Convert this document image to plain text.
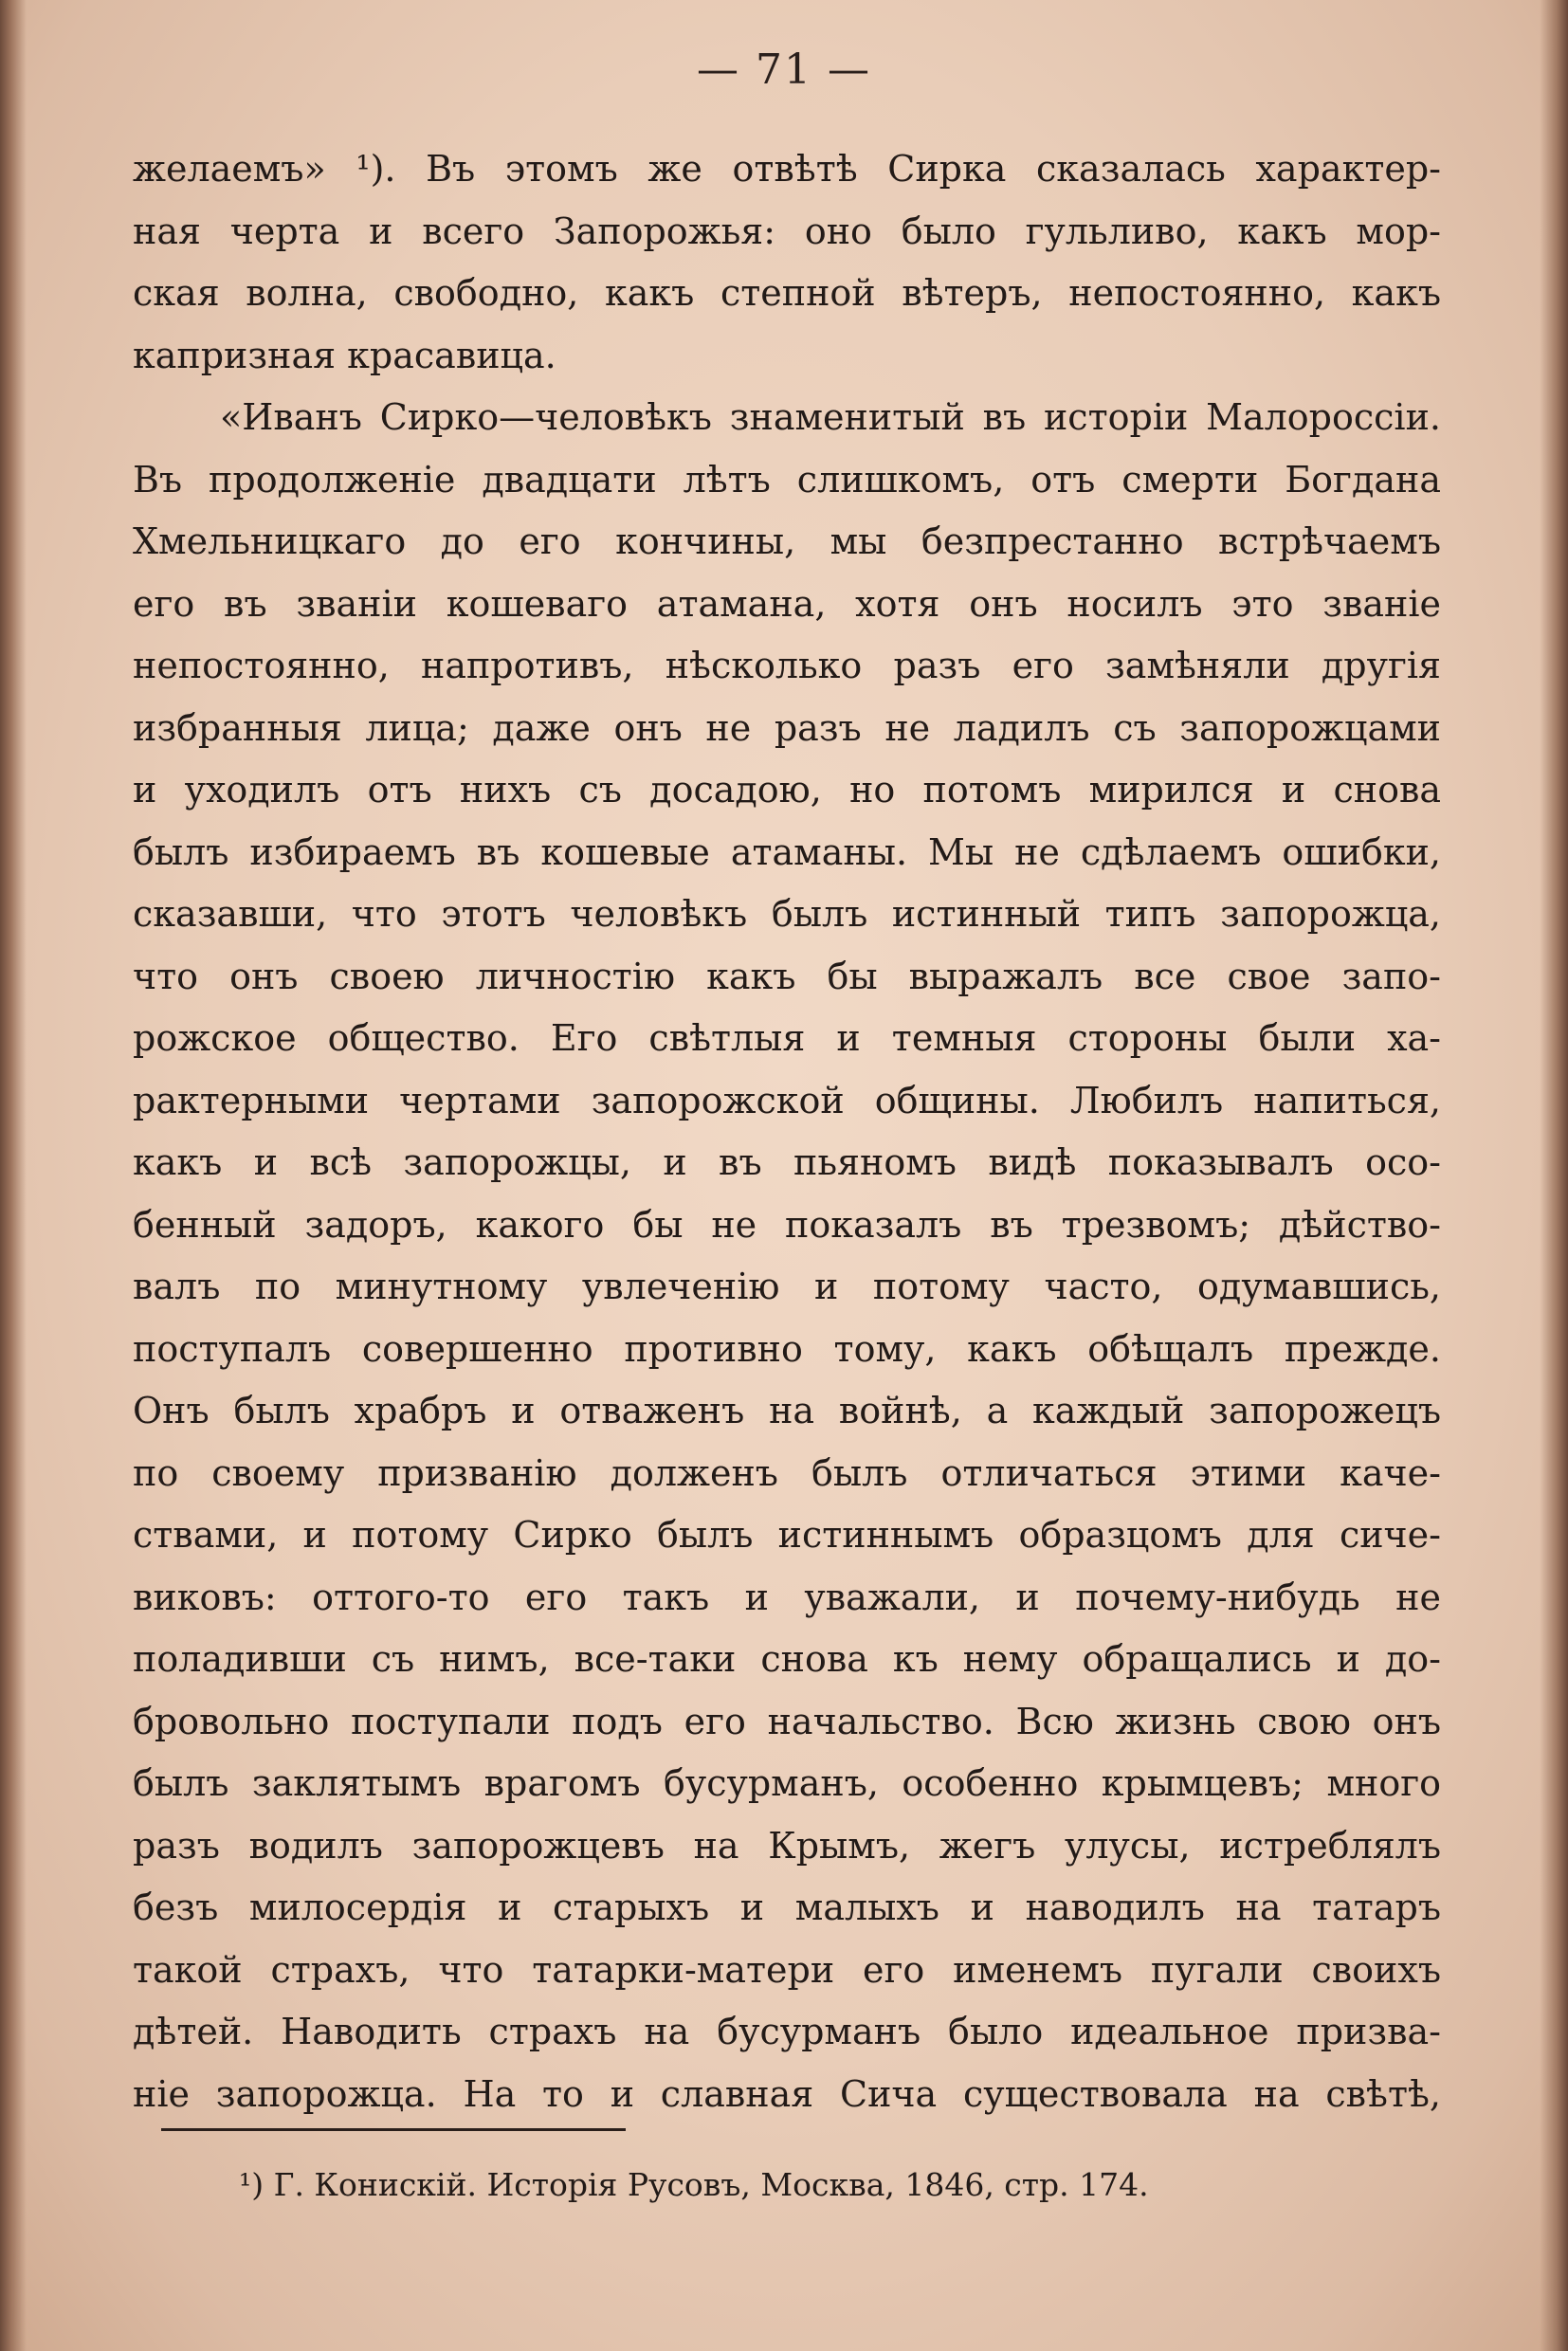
— 71 —
желаемъ» ¹). Въ этомъ же отвѣтѣ Сирка сказалась характер-
ная черта и всего Запорожья: оно было гульливо, какъ мор-
ская волна, свободно, какъ степной вѣтеръ, непостоянно, какъ
капризная красавица.
«Иванъ Сирко—человѣкъ знаменитый въ исторіи Малороссіи.
Въ продолженіе двадцати лѣтъ слишкомъ, отъ смерти Богдана
Хмельницкаго до его кончины, мы безпрестанно встрѣчаемъ
его въ званіи кошеваго атамана, хотя онъ носилъ это званіе
непостоянно, напротивъ, нѣсколько разъ его замѣняли другія
избранныя лица; даже онъ не разъ не ладилъ съ запорожцами
и уходилъ отъ нихъ съ досадою, но потомъ мирился и снова
былъ избираемъ въ кошевые атаманы. Мы не сдѣлаемъ ошибки,
сказавши, что этотъ человѣкъ былъ истинный типъ запорожца,
что онъ своею личностію какъ бы выражалъ все свое запо-
рожское общество. Его свѣтлыя и темныя стороны были ха-
рактерными чертами запорожской общины. Любилъ напиться,
какъ и всѣ запорожцы, и въ пьяномъ видѣ показывалъ осо-
бенный задоръ, какого бы не показалъ въ трезвомъ; дѣйство-
валъ по минутному увлеченію и потому часто, одумавшись,
поступалъ совершенно противно тому, какъ обѣщалъ прежде.
Онъ былъ храбръ и отваженъ на войнѣ, а каждый запорожецъ
по своему призванію долженъ былъ отличаться этими каче-
ствами, и потому Сирко былъ истиннымъ образцомъ для сиче-
виковъ: оттого-то его такъ и уважали, и почему-нибудь не
поладивши съ нимъ, все-таки снова къ нему обращались и до-
бровольно поступали подъ его начальство. Всю жизнь свою онъ
былъ заклятымъ врагомъ бусурманъ, особенно крымцевъ; много
разъ водилъ запорожцевъ на Крымъ, жегъ улусы, истреблялъ
безъ милосердія и старыхъ и малыхъ и наводилъ на татаръ
такой страхъ, что татарки-матери его именемъ пугали своихъ
дѣтей. Наводить страхъ на бусурманъ было идеальное призва-
ніе запорожца. На то и славная Сича существовала на свѣтѣ,
¹) Г. Конискій. Исторія Русовъ, Москва, 1846, стр. 174.
